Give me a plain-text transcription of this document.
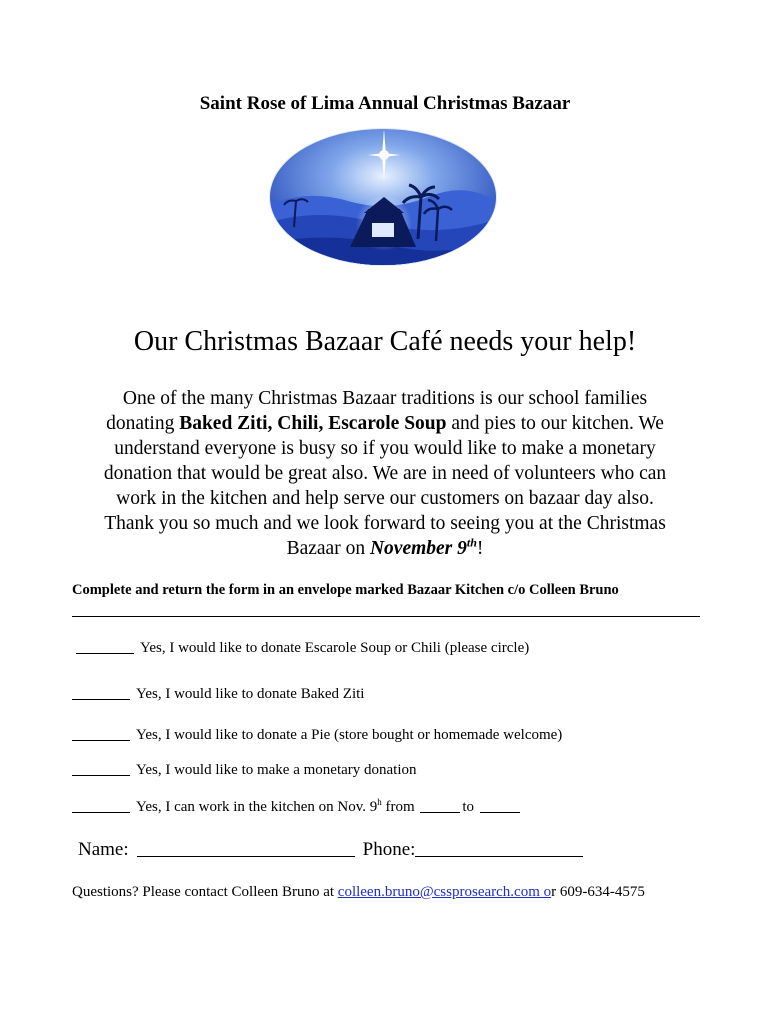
Saint Rose of Lima Annual Christmas Bazaar
Our Christmas Bazaar Café needs your help!
One of the many Christmas Bazaar traditions is our school families
donating Baked Ziti, Chili, Escarole Soup and pies to our kitchen. We
understand everyone is busy so if you would like to make a monetary
donation that would be great also. We are in need of volunteers who can
work in the kitchen and help serve our customers on bazaar day also.
Thank you so much and we look forward to seeing you at the Christmas
Bazaar on November 9th!
Complete and return the form in an envelope marked Bazaar Kitchen c/o Colleen Bruno
Yes, I would like to donate Escarole Soup or Chili (please circle)
Yes, I would like to donate Baked Ziti
Yes, I would like to donate a Pie (store bought or homemade welcome)
Yes, I would like to make a monetary donation
Yes, I can work in the kitchen on Nov. 9$^h$ from	to
Name:	Phone:
Questions? Please contact Colleen Bruno at colleen.bruno@cssprosearch.com or 609-634-4575
